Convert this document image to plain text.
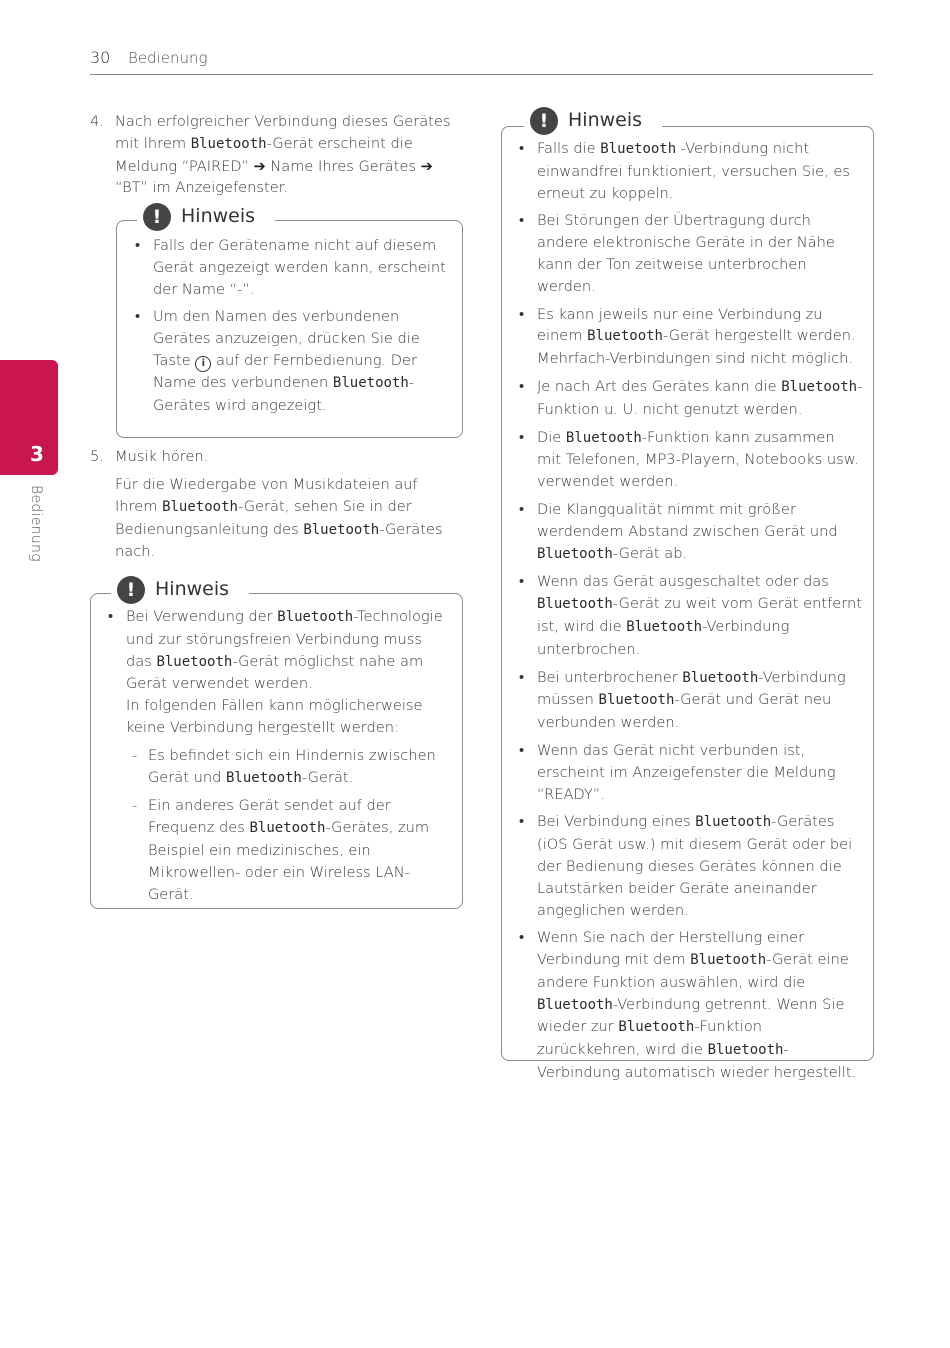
30 Bedienung
3
Bedienung
4. Nach erfolgreicher Verbindung dieses Gerätes mit Ihrem Bluetooth-Gerät erscheint die Meldung “PAIRED” ➔ Name Ihres Gerätes ➔ “BT” im Anzeigefenster.
!	Hinweis
• Falls der Gerätename nicht auf diesem Gerät angezeigt werden kann, erscheint der Name “-”.
• Um den Namen des verbundenen Gerätes anzuzeigen, drücken Sie die Taste i auf der Fernbedienung. Der Name des verbundenen Bluetooth-Gerätes wird angezeigt.
5. Musik hören.
Für die Wiedergabe von Musikdateien auf Ihrem Bluetooth-Gerät, sehen Sie in der Bedienungsanleitung des Bluetooth-Gerätes nach.
!	Hinweis
• Bei Verwendung der Bluetooth-Technologie und zur störungsfreien Verbindung muss das Bluetooth-Gerät möglichst nahe am Gerät verwendet werden.
In folgenden Fällen kann möglicherweise keine Verbindung hergestellt werden:
- Es befindet sich ein Hindernis zwischen Gerät und Bluetooth-Gerät.
- Ein anderes Gerät sendet auf der Frequenz des Bluetooth-Gerätes, zum Beispiel ein medizinisches, ein Mikrowellen- oder ein Wireless LAN-Gerät.
!	Hinweis
• Falls die Bluetooth -Verbindung nicht einwandfrei funktioniert, versuchen Sie, es erneut zu koppeln.
• Bei Störungen der Übertragung durch andere elektronische Geräte in der Nähe kann der Ton zeitweise unterbrochen werden.
• Es kann jeweils nur eine Verbindung zu einem Bluetooth-Gerät hergestellt werden. Mehrfach-Verbindungen sind nicht möglich.
• Je nach Art des Gerätes kann die Bluetooth-Funktion u. U. nicht genutzt werden.
• Die Bluetooth-Funktion kann zusammen mit Telefonen, MP3-Playern, Notebooks usw. verwendet werden.
• Die Klangqualität nimmt mit größer werdendem Abstand zwischen Gerät und Bluetooth-Gerät ab.
• Wenn das Gerät ausgeschaltet oder das Bluetooth-Gerät zu weit vom Gerät entfernt ist, wird die Bluetooth-Verbindung unterbrochen.
• Bei unterbrochener Bluetooth-Verbindung müssen Bluetooth-Gerät und Gerät neu verbunden werden.
• Wenn das Gerät nicht verbunden ist, erscheint im Anzeigefenster die Meldung “READY”.
• Bei Verbindung eines Bluetooth-Gerätes (iOS Gerät usw.) mit diesem Gerät oder bei der Bedienung dieses Gerätes können die Lautstärken beider Geräte aneinander angeglichen werden.
• Wenn Sie nach der Herstellung einer Verbindung mit dem Bluetooth-Gerät eine andere Funktion auswählen, wird die Bluetooth-Verbindung getrennt. Wenn Sie wieder zur Bluetooth-Funktion zurückkehren, wird die Bluetooth-Verbindung automatisch wieder hergestellt.
